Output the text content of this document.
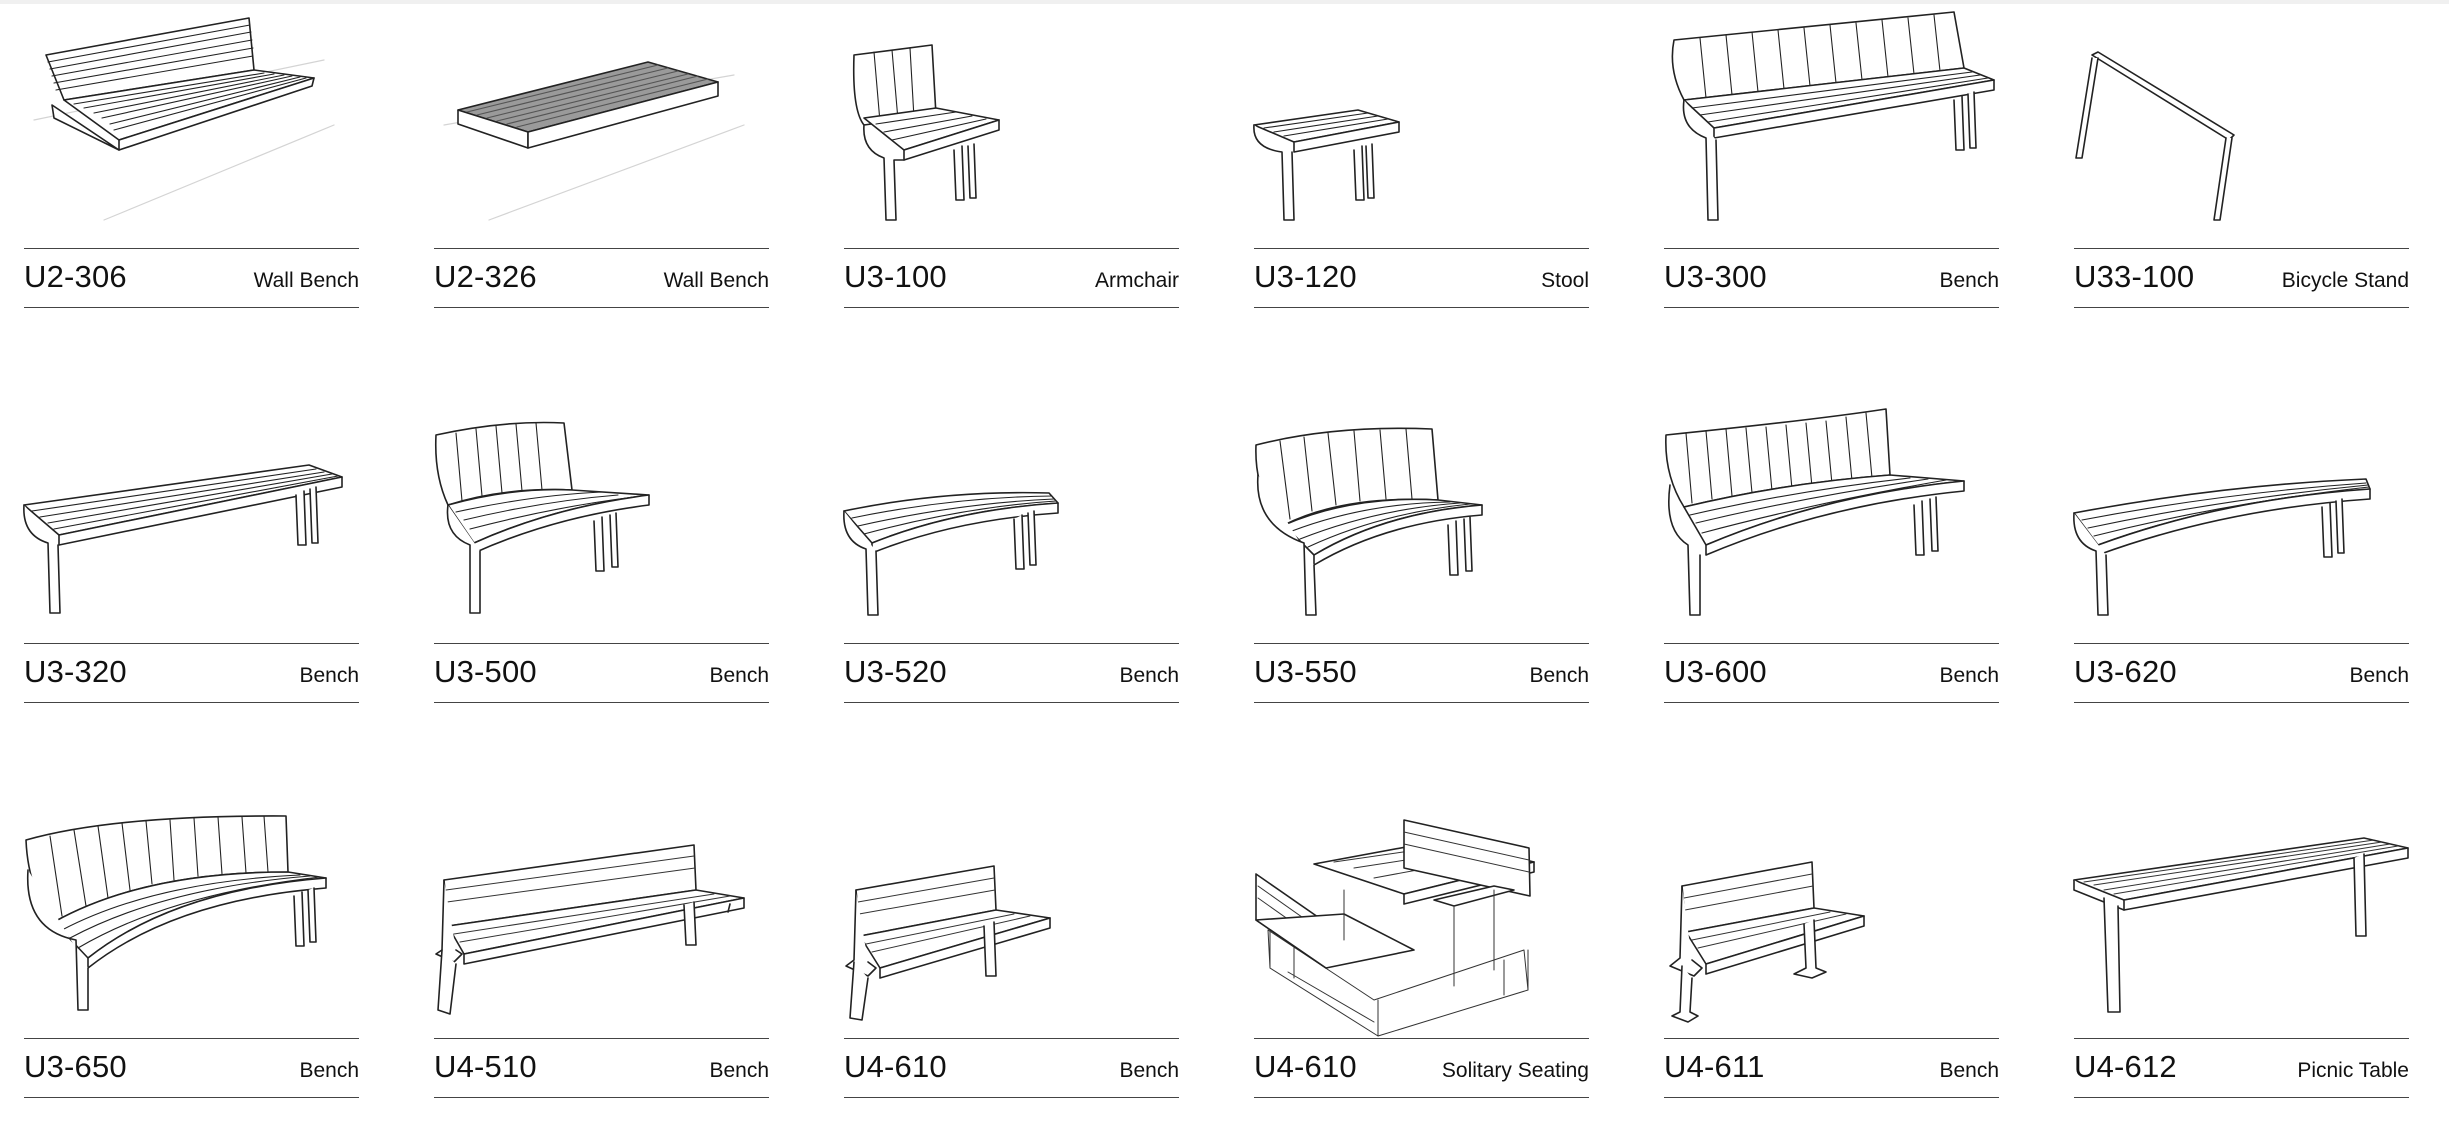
U2-306	Wall Bench U2-326	Wall Bench U3-100	Armchair U3-120	Stool U3-300	Bench U33-100	Bicycle Stand
U3-320	Bench U3-500	Bench U3-520	Bench U3-550	Bench U3-600	Bench U3-620	Bench
U3-650	Bench U4-510	Bench U4-610	Bench U4-610	Solitary Seating U4-611	Bench U4-612	Picnic Table
